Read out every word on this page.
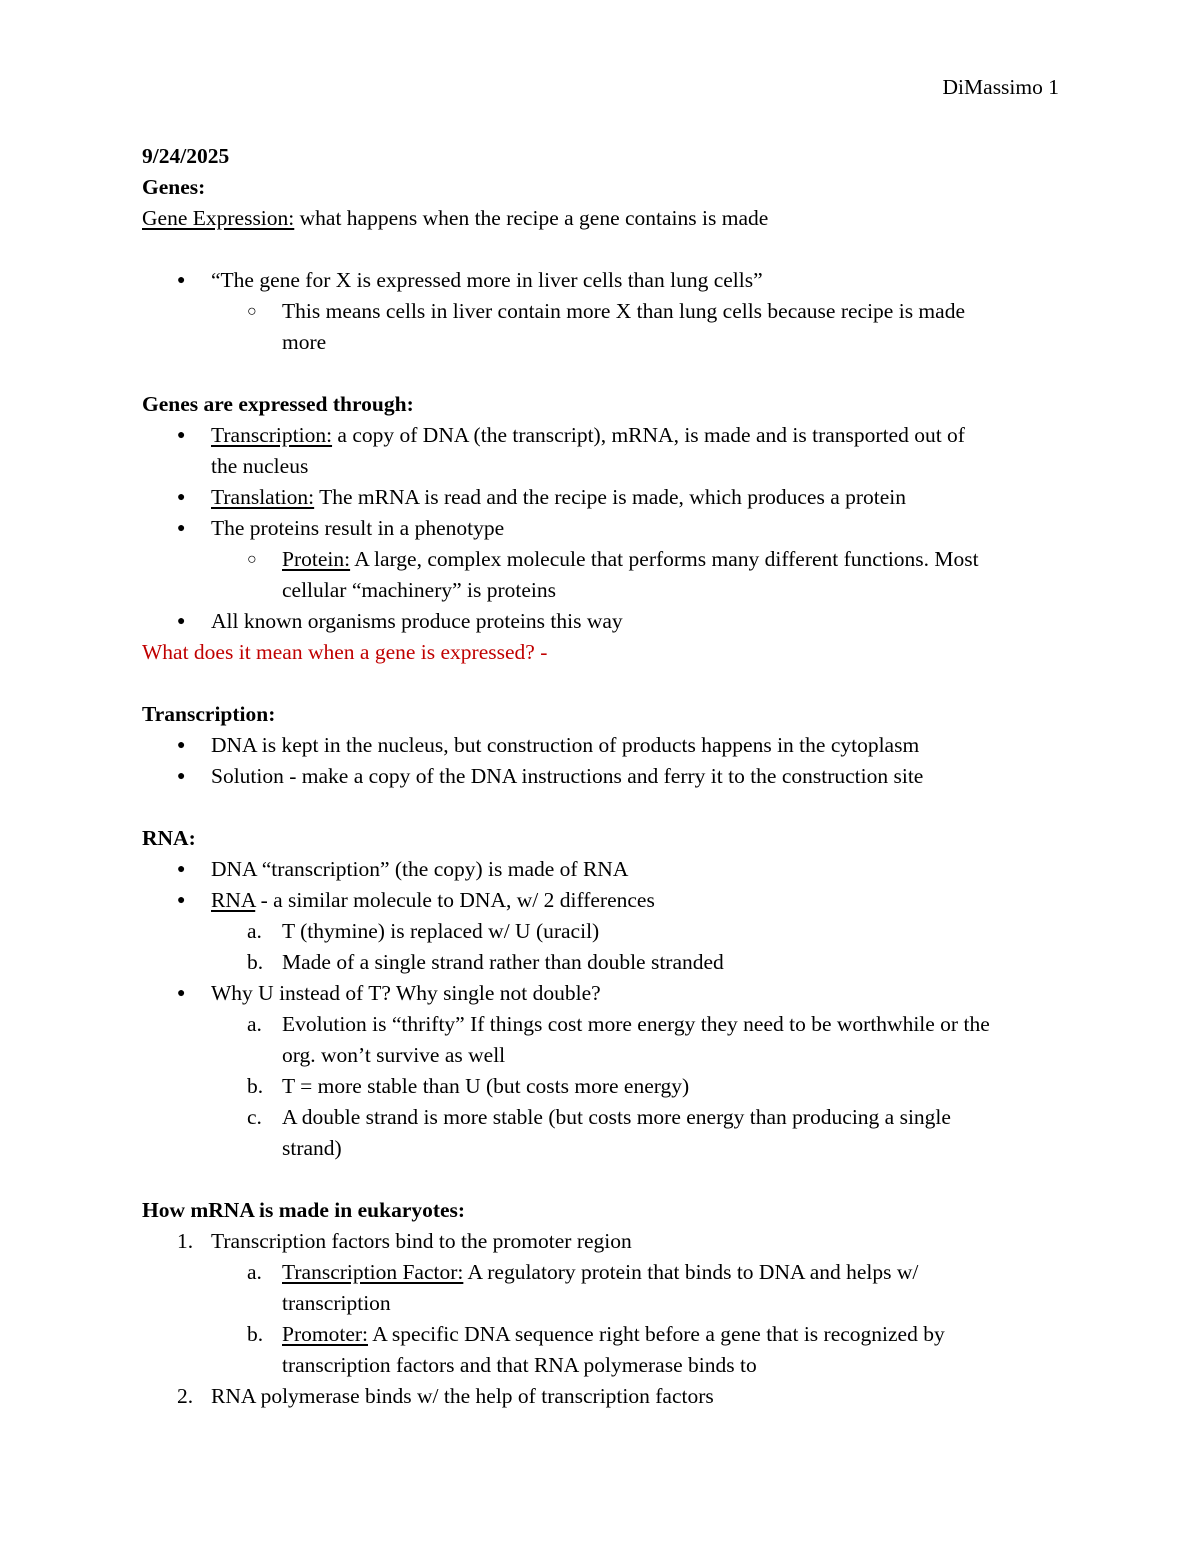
DiMassimo 1
9/24/2025
Genes:
Gene Expression: what happens when the recipe a gene contains is made
●	“The gene for X is expressed more in liver cells than lung cells”
○	This means cells in liver contain more X than lung cells because recipe is made
more
Genes are expressed through:
●	Transcription: a copy of DNA (the transcript), mRNA, is made and is transported out of
the nucleus
●	Translation: The mRNA is read and the recipe is made, which produces a protein
●	The proteins result in a phenotype
○	Protein: A large, complex molecule that performs many different functions. Most
cellular “machinery” is proteins
●	All known organisms produce proteins this way
What does it mean when a gene is expressed? -
Transcription:
●	DNA is kept in the nucleus, but construction of products happens in the cytoplasm
●	Solution - make a copy of the DNA instructions and ferry it to the construction site
RNA:
●	DNA “transcription” (the copy) is made of RNA
●	RNA - a similar molecule to DNA, w/ 2 differences
a. T (thymine) is replaced w/ U (uracil)
b. Made of a single strand rather than double stranded
●	Why U instead of T? Why single not double?
a. Evolution is “thrifty” If things cost more energy they need to be worthwhile or the
org. won’t survive as well
b. T = more stable than U (but costs more energy)
c. A double strand is more stable (but costs more energy than producing a single
strand)
How mRNA is made in eukaryotes:
1. Transcription factors bind to the promoter region
a. Transcription Factor: A regulatory protein that binds to DNA and helps w/
transcription
b. Promoter: A specific DNA sequence right before a gene that is recognized by
transcription factors and that RNA polymerase binds to
2. RNA polymerase binds w/ the help of transcription factors
